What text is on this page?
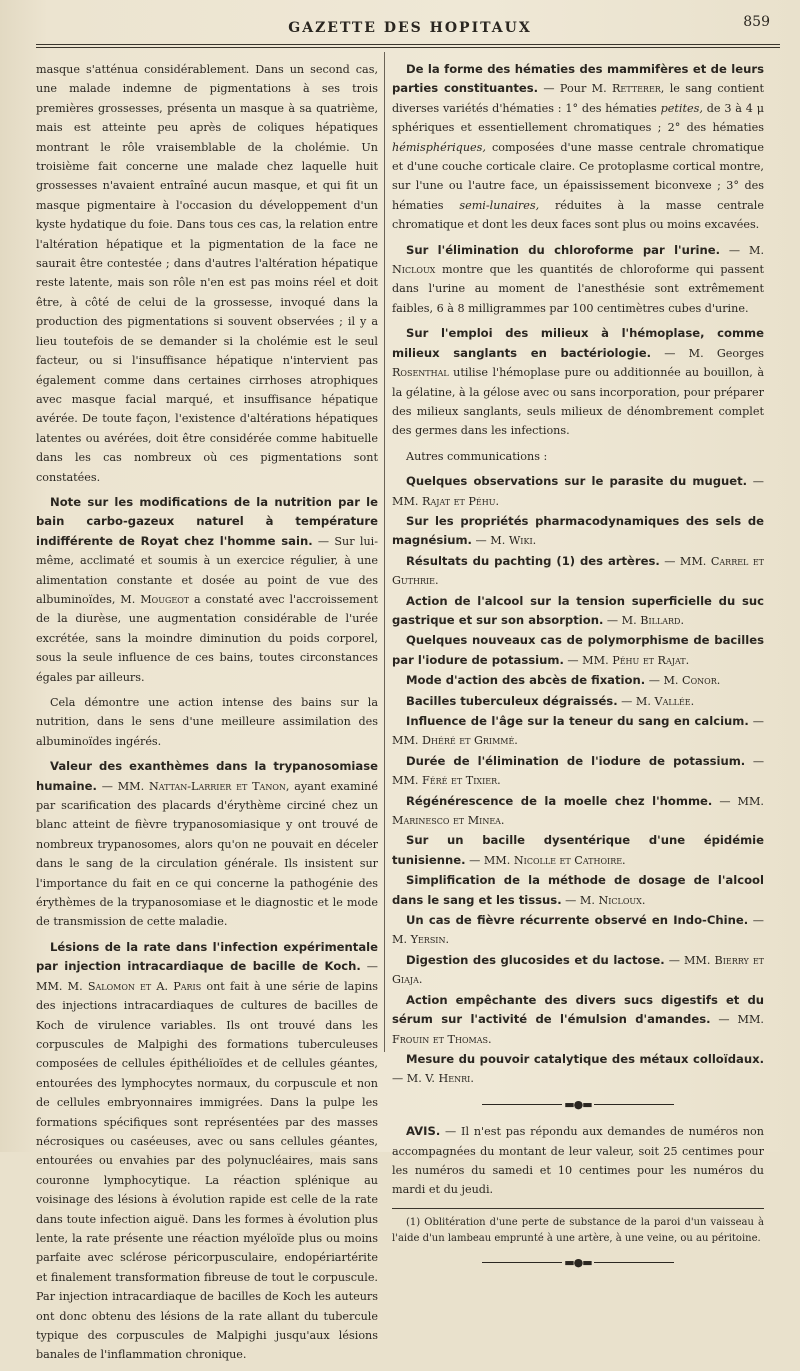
GAZETTE DES HOPITAUX	859

masque s'atténua considérablement. Dans un second cas, une malade indemne de pigmentations à ses trois premières grossesses, présenta un masque à sa quatrième, mais est atteinte peu après de coliques hépatiques montrant le rôle vraisemblable de la cholémie. Un troisième fait concerne une malade chez laquelle huit grossesses n'avaient entraîné aucun masque, et qui fit un masque pigmentaire à l'occasion du développement d'un kyste hydatique du foie. Dans tous ces cas, la relation entre l'altération hépatique et la pigmentation de la face ne saurait être contestée ; dans d'autres l'altération hépatique reste latente, mais son rôle n'en est pas moins réel et doit être, à côté de celui de la grossesse, invoqué dans la production des pigmentations si souvent observées ; il y a lieu toutefois de se demander si la cholémie est le seul facteur, ou si l'insuffisance hépatique n'intervient pas également comme dans certaines cirrhoses atrophiques avec masque facial marqué, et insuffisance hépatique avérée. De toute façon, l'existence d'altérations hépatiques latentes ou avérées, doit être considérée comme habituelle dans les cas nombreux où ces pigmentations sont constatées.

Note sur les modifications de la nutrition par le bain carbo-gazeux naturel à température indifférente de Royat chez l'homme sain. — Sur lui-même, acclimaté et soumis à un exercice régulier, à une alimentation constante et dosée au point de vue des albuminoïdes, M. Mougeot a constaté avec l'accroissement de la diurèse, une augmentation considérable de l'urée excrétée, sans la moindre diminution du poids corporel, sous la seule influence de ces bains, toutes circonstances égales par ailleurs.

Cela démontre une action intense des bains sur la nutrition, dans le sens d'une meilleure assimilation des albuminoïdes ingérés.

Valeur des exanthèmes dans la trypanosomiase humaine. — MM. Nattan-Larrier et Tanon, ayant examiné par scarification des placards d'érythème circiné chez un blanc atteint de fièvre trypanosomiasique y ont trouvé de nombreux trypanosomes, alors qu'on ne pouvait en déceler dans le sang de la circulation générale. Ils insistent sur l'importance du fait en ce qui concerne la pathogénie des érythèmes de la trypanosomiase et le diagnostic et le mode de transmission de cette maladie.

Lésions de la rate dans l'infection expérimentale par injection intracardiaque de bacille de Koch. — MM. M. Salomon et A. Paris ont fait à une série de lapins des injections intracardiaques de cultures de bacilles de Koch de virulence variables. Ils ont trouvé dans les corpuscules de Malpighi des formations tuberculeuses composées de cellules épithélioïdes et de cellules géantes, entourées des lymphocytes normaux, du corpuscule et non de cellules embryonnaires immigrées. Dans la pulpe les formations spécifiques sont représentées par des masses nécrosiques ou caséeuses, avec ou sans cellules géantes, entourées ou envahies par des polynucléaires, mais sans couronne lymphocytique. La réaction splénique au voisinage des lésions à évolution rapide est celle de la rate dans toute infection aiguë. Dans les formes à évolution plus lente, la rate présente une réaction myéloïde plus ou moins parfaite avec sclérose péricorpusculaire, endopériartérite et finalement transformation fibreuse de tout le corpuscule. Par injection intracardiaque de bacilles de Koch les auteurs ont donc obtenu des lésions de la rate allant du tubercule typique des corpuscules de Malpighi jusqu'aux lésions banales de l'inflammation chronique.

De la forme des hématies des mammifères et de leurs parties constituantes. — Pour M. Retterer, le sang contient diverses variétés d'hématies : 1° des hématies petites, de 3 à 4 μ sphériques et essentiellement chromatiques ; 2° des hématies hémisphériques, composées d'une masse centrale chromatique et d'une couche corticale claire. Ce protoplasme cortical montre, sur l'une ou l'autre face, un épaississement biconvexe ; 3° des hématies semi-lunaires, réduites à la masse centrale chromatique et dont les deux faces sont plus ou moins excavées.

Sur l'élimination du chloroforme par l'urine. — M. Nicloux montre que les quantités de chloroforme qui passent dans l'urine au moment de l'anesthésie sont extrêmement faibles, 6 à 8 milligrammes par 100 centimètres cubes d'urine.

Sur l'emploi des milieux à l'hémoplase, comme milieux sanglants en bactériologie. — M. Georges Rosenthal utilise l'hémoplase pure ou additionnée au bouillon, à la gélatine, à la gélose avec ou sans incorporation, pour préparer des milieux sanglants, seuls milieux de dénombrement complet des germes dans les infections.

Autres communications :

Quelques observations sur le parasite du muguet. — MM. Rajat et Péhu.

Sur les propriétés pharmacodynamiques des sels de magnésium. — M. Wiki.

Résultats du pachting (1) des artères. — MM. Carrel et Guthrie.

Action de l'alcool sur la tension superficielle du suc gastrique et sur son absorption. — M. Billard.

Quelques nouveaux cas de polymorphisme de bacilles par l'iodure de potassium. — MM. Péhu et Rajat.

Mode d'action des abcès de fixation. — M. Conor.

Bacilles tuberculeux dégraissés. — M. Vallée.

Influence de l'âge sur la teneur du sang en calcium. — MM. Dhéré et Grimmé.

Durée de l'élimination de l'iodure de potassium. — MM. Féré et Tixier.

Régénérescence de la moelle chez l'homme. — MM. Marinesco et Minea.

Sur un bacille dysentérique d'une épidémie tunisienne. — MM. Nicolle et Cathoire.

Simplification de la méthode de dosage de l'alcool dans le sang et les tissus. — M. Nicloux.

Un cas de fièvre récurrente observé en Indo-Chine. — M. Yersin.

Digestion des glucosides et du lactose. — MM. Bierry et Giaja.

Action empêchante des divers sucs digestifs et du sérum sur l'activité de l'émulsion d'amandes. — MM. Frouin et Thomas.

Mesure du pouvoir catalytique des métaux colloïdaux. — M. V. Henri.

▬●▬

AVIS. — Il n'est pas répondu aux demandes de numéros non accompagnées du montant de leur valeur, soit 25 centimes pour les numéros du samedi et 10 centimes pour les numéros du mardi et du jeudi.

(1) Oblitération d'une perte de substance de la paroi d'un vaisseau à l'aide d'un lambeau emprunté à une artère, à une veine, ou au péritoine.

▬●▬
